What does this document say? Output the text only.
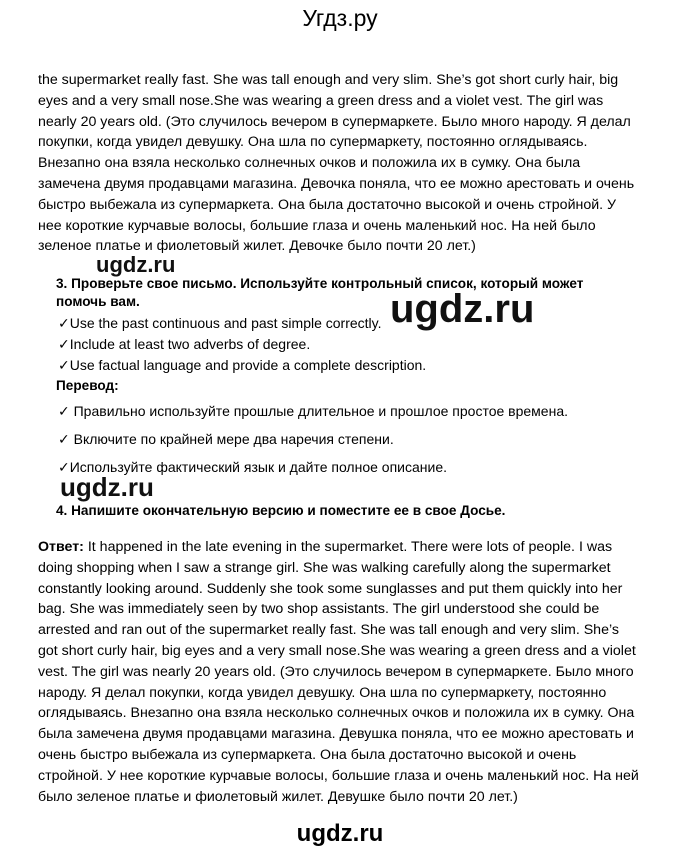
Угдз.ру

the supermarket really fast. She was tall enough and very slim. She’s got short curly hair, big eyes and a very small nose.She was wearing a green dress and a violet vest. The girl was nearly 20 years old. (Это случилось вечером в супермаркете. Было много народу. Я делал покупки, когда увидел девушку. Она шла по супермаркету, постоянно оглядываясь. Внезапно она взяла несколько солнечных очков и положила их в сумку. Она была замечена двумя продавцами магазина. Девочка поняла, что ее можно арестовать и очень быстро выбежала из супермаркета. Она была достаточно высокой и очень стройной. У нее короткие курчавые волосы, большие глаза и очень маленький нос. На ней было зеленое платье и фиолетовый жилет. Девочке было почти 20 лет.)

ugdz.ru

3. Проверьте свое письмо. Используйте контрольный список, который может помочь вам.	ugdz.ru

✓Use the past continuous and past simple correctly.

✓Include at least two adverbs of degree.

✓Use factual language and provide a complete description.

Перевод:

✓ Правильно используйте прошлые длительное и прошлое простое времена.

✓ Включите по крайней мере два наречия степени.

✓Используйте фактический язык и дайте полное описание.

ugdz.ru

4. Напишите окончательную версию и поместите ее в свое Досье.

Ответ: It happened in the late evening in the supermarket. There were lots of people. I was doing shopping when I saw a strange girl. She was walking carefully along the supermarket constantly looking around. Suddenly she took some sunglasses and put them quickly into her bag. She was immediately seen by two shop assistants. The girl understood she could be arrested and ran out of the supermarket really fast. She was tall enough and very slim. She’s got short curly hair, big eyes and a very small nose.She was wearing a green dress and a violet vest. The girl was nearly 20 years old. (Это случилось вечером в супермаркете. Было много народу. Я делал покупки, когда увидел девушку. Она шла по супермаркету, постоянно оглядываясь. Внезапно она взяла несколько солнечных очков и положила их в сумку. Она была замечена двумя продавцами магазина. Девушка поняла, что ее можно арестовать и очень быстро выбежала из супермаркета. Она была достаточно высокой и очень стройной. У нее короткие курчавые волосы, большие глаза и очень маленький нос. На ней было зеленое платье и фиолетовый жилет. Девушке было почти 20 лет.)

ugdz.ru
